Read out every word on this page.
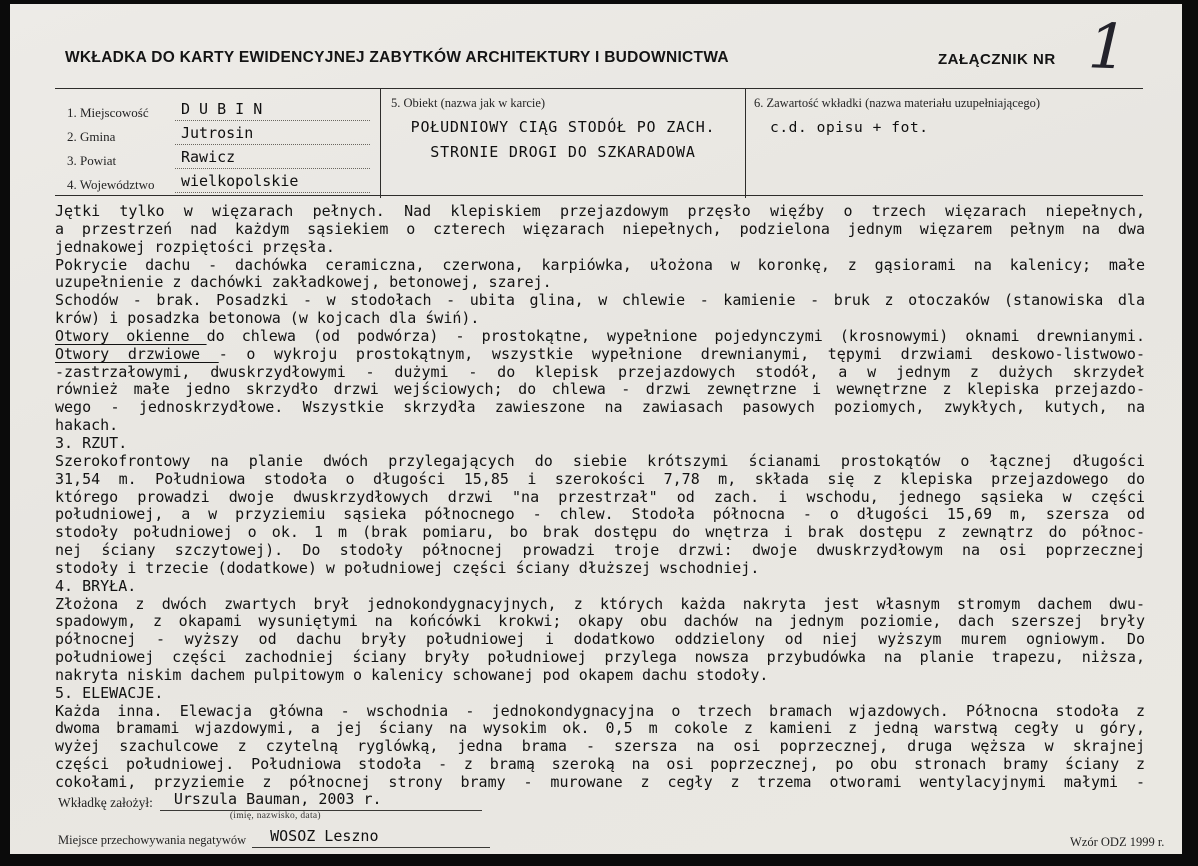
WKŁADKA DO KARTY EWIDENCYJNEJ ZABYTKÓW ARCHITEKTURY I BUDOWNICTWA	ZAŁĄCZNIK NR 1
1. Miejscowość	D U B I N
2. Gmina	Jutrosin
3. Powiat	Rawicz
4. Województwo	wielkopolskie
5. Obiekt (nazwa jak w karcie)
POŁUDNIOWY CIĄG STODÓŁ PO ZACH.
STRONIE DROGI DO SZKARADOWA
6. Zawartość wkładki (nazwa materiału uzupełniającego)
c.d. opisu + fot.
Jętki tylko w więzarach pełnych. Nad klepiskiem przejazdowym przęsło więźby o trzech więzarach niepełnych,
a przestrzeń nad każdym sąsiekiem o czterech więzarach niepełnych, podzielona jednym więzarem pełnym na dwa
jednakowej rozpiętości przęsła.
Pokrycie dachu - dachówka ceramiczna, czerwona, karpiówka, ułożona w koronkę, z gąsiorami na kalenicy; małe
uzupełnienie z dachówki zakładkowej, betonowej, szarej.
Schodów - brak. Posadzki - w stodołach - ubita glina, w chlewie - kamienie - bruk z otoczaków (stanowiska dla
krów) i posadzka betonowa (w kojcach dla świń).
Otwory okienne do chlewa (od podwórza) - prostokątne, wypełnione pojedynczymi (krosnowymi) oknami drewnianymi.
Otwory drzwiowe - o wykroju prostokątnym, wszystkie wypełnione drewnianymi, tępymi drzwiami deskowo-listwowo-
-zastrzałowymi, dwuskrzydłowymi - dużymi - do klepisk przejazdowych stodół, a w jednym z dużych skrzydeł
również małe jedno skrzydło drzwi wejściowych; do chlewa - drzwi zewnętrzne i wewnętrzne z klepiska przejazdo-
wego - jednoskrzydłowe. Wszystkie skrzydła zawieszone na zawiasach pasowych poziomych, zwykłych, kutych, na
hakach.
3. RZUT.
Szerokofrontowy na planie dwóch przylegających do siebie krótszymi ścianami prostokątów o łącznej długości
31,54 m. Południowa stodoła o długości 15,85 i szerokości 7,78 m, składa się z klepiska przejazdowego do
którego prowadzi dwoje dwuskrzydłowych drzwi "na przestrzał" od zach. i wschodu, jednego sąsieka w części
południowej, a w przyziemiu sąsieka północnego - chlew. Stodoła północna - o długości 15,69 m, szersza od
stodoły południowej o ok. 1 m (brak pomiaru, bo brak dostępu do wnętrza i brak dostępu z zewnątrz do północ-
nej ściany szczytowej). Do stodoły północnej prowadzi troje drzwi: dwoje dwuskrzydłowym na osi poprzecznej
stodoły i trzecie (dodatkowe) w południowej części ściany dłuższej wschodniej.
4. BRYŁA.
Złożona z dwóch zwartych brył jednokondygnacyjnych, z których każda nakryta jest własnym stromym dachem dwu-
spadowym, z okapami wysuniętymi na końcówki krokwi; okapy obu dachów na jednym poziomie, dach szerszej bryły
północnej - wyższy od dachu bryły południowej i dodatkowo oddzielony od niej wyższym murem ogniowym. Do
południowej części zachodniej ściany bryły południowej przylega nowsza przybudówka na planie trapezu, niższa,
nakryta niskim dachem pulpitowym o kalenicy schowanej pod okapem dachu stodoły.
5. ELEWACJE.
Każda inna. Elewacja główna - wschodnia - jednokondygnacyjna o trzech bramach wjazdowych. Północna stodoła z
dwoma bramami wjazdowymi, a jej ściany na wysokim ok. 0,5 m cokole z kamieni z jedną warstwą cegły u góry,
wyżej szachulcowe z czytelną ryglówką, jedna brama - szersza na osi poprzecznej, druga węższa w skrajnej
części południowej. Południowa stodoła - z bramą szeroką na osi poprzecznej, po obu stronach bramy ściany z
cokołami, przyziemie z północnej strony bramy - murowane z cegły z trzema otworami wentylacyjnymi małymi -
Wkładkę założył:	Urszula Bauman, 2003 r.
(imię, nazwisko, data)
Miejsce przechowywania negatywów	WOSOZ Leszno	Wzór ODZ 1999 r.
